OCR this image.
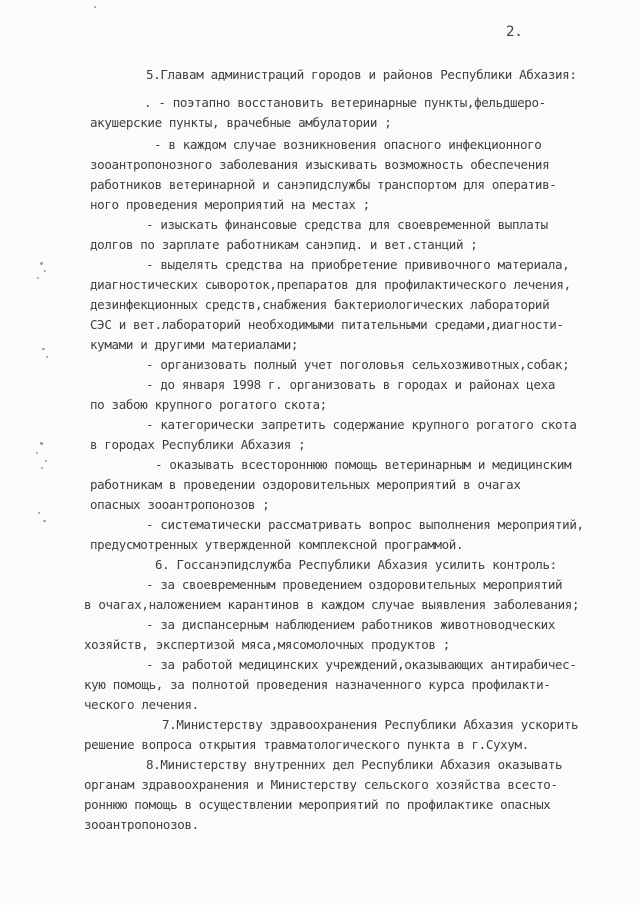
2.
5.Главам администраций городов и районов Республики Абхазия:
. - поэтапно восстановить ветеринарные пункты,фельдшеро-
акушерские пункты, врачебные амбулатории ;
- в каждом случае возникновения опасного инфекционного
зооантропонозного заболевания изыскивать возможность обеспечения
работников ветеринарной и санэпидслужбы транспортом для оператив-
ного проведения мероприятий на местах ;
- изыскать финансовые средства для своевременной выплаты
долгов по зарплате работникам санэпид. и вет.станций ;
- выделять средства на приобретение прививочного материала,
диагностических сывороток,препаратов для профилактического лечения,
дезинфекционных средств,снабжения бактериологических лабораторий
СЭС и вет.лабораторий необходимыми питательными средами,диагности-
кумами и другими материалами;
- организовать полный учет поголовья сельхозживотных,собак;
- до января 1998 г. организовать в городах и районах цеха
по забою крупного рогатого скота;
- категорически запретить содержание крупного рогатого скота
в городах Республики Абхазия ;
- оказывать всестороннюю помощь ветеринарным и медицинским
работникам в проведении оздоровительных мероприятий в очагах
опасных зооантропонозов ;
- систематически рассматривать вопрос выполнения мероприятий,
предусмотренных утвержденной комплексной программой.
6. Госсанэпидслужба Республики Абхазия усилить контроль:
- за своевременным проведением оздоровительных мероприятий
в очагах,наложением карантинов в каждом случае выявления заболевания;
- за диспансерным наблюдением работников животноводческих
хозяйств, экспертизой мяса,мясомолочных продуктов ;
- за работой медицинских учреждений,оказывающих антирабичес-
кую помощь, за полнотой проведения назначенного курса профилакти-
ческого лечения.
7.Министерству здравоохранения Республики Абхазия ускорить
решение вопроса открытия травматологического пункта в г.Сухум.
8.Министерству внутренних дел Республики Абхазия оказывать
органам здравоохранения и Министерству сельского хозяйства всесто-
роннюю помощь в осуществлении мероприятий по профилактике опасных
зооантропонозов.
